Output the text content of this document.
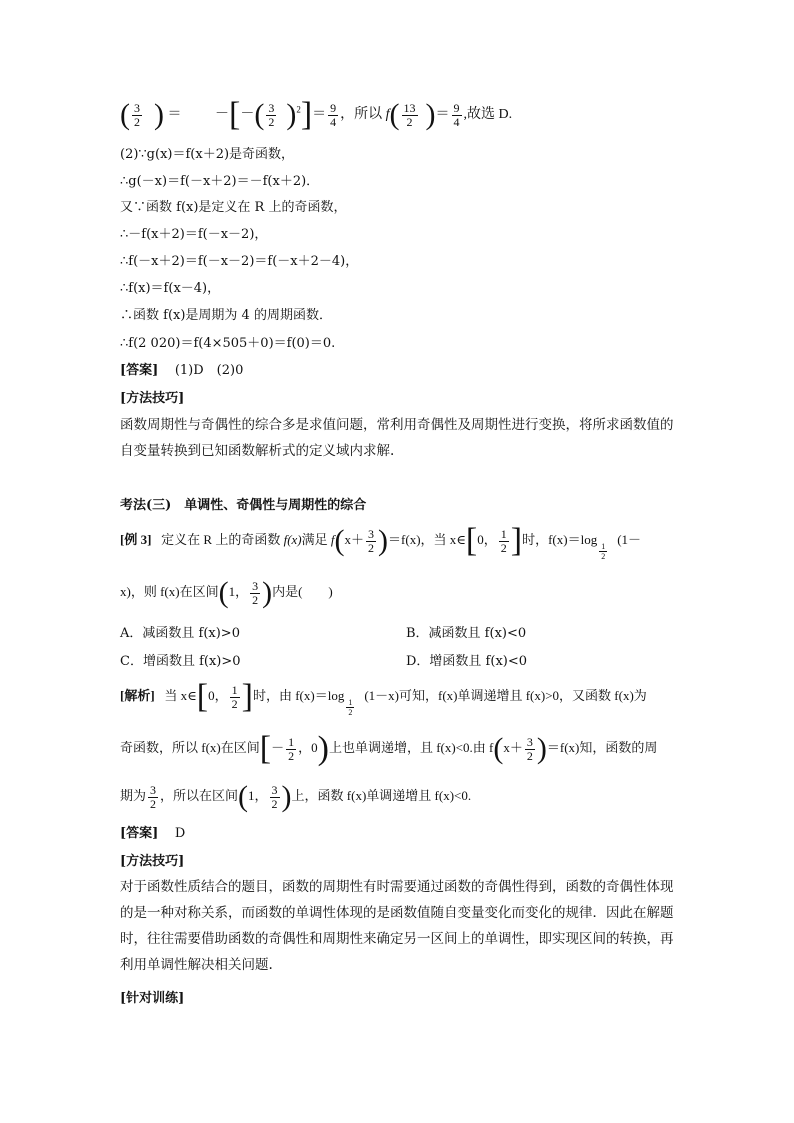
( $\frac{3}{2}$ ) ＝ －[－( $\frac{3}{2} )^2]= \frac{9}{4}$ ，所以 $f( \frac{13}{2}$ )＝ $\frac{9}{4}$ ,故选 D.
(2)∵g(x)＝f(x＋2)是奇函数，
∴g(－x)＝f(－x＋2)＝－f(x＋2)．
又∵函数 f(x)是定义在 R 上的奇函数，
∴－f(x＋2)＝f(－x－2)，
∴f(－x＋2)＝f(－x－2)＝f(－x＋2－4)，
∴f(x)＝f(x－4)，
∴函数 f(x)是周期为 4 的周期函数．
∴f(2 020)＝f(4×505＋0)＝f(0)＝0.
[答案] (1)D　(2)0
[方法技巧]
函数周期性与奇偶性的综合多是求值问题，常利用奇偶性及周期性进行变换，将所求函数值的自变量转换到已知函数解析式的定义域内求解.
考法(三)　单调性、奇偶性与周期性的综合
[例 3] 定义在 R 上的奇函数 f(x)满足 $f(x+ \frac{3}{2} )=f(x)$，当 x∈[0， $\frac{1}{2}$ ]时，f(x)＝log
$\frac{1}{2}$
(1－
x)，则 f(x)在区间(1， $\frac{3}{2}$ )内是(　　)
A．减函数且 f(x)>0	B．减函数且 f(x)<0
C．增函数且 f(x)>0	D．增函数且 f(x)<0
[解析] 当 x∈[0， $\frac{1}{2}$ ]时，由 f(x)＝log
$\frac{1}{2}$
(1－x)可知，f(x)单调递增且 f(x)>0，又函数 f(x)为
奇函数，所以 f(x)在区间[－ $\frac{1}{2}$ ，0)上也单调递增，且 f(x)<0.由 $f(x+ \frac{3}{2} )=f(x)$知，函数的周
期为 $\frac{3}{2}$ ，所以在区间(1， $\frac{3}{2}$ )上，函数 f(x)单调递增且 f(x)<0.
[答案] D
[方法技巧]
对于函数性质结合的题目，函数的周期性有时需要通过函数的奇偶性得到，函数的奇偶性体现的是一种对称关系，而函数的单调性体现的是函数值随自变量变化而变化的规律．因此在解题时，往往需要借助函数的奇偶性和周期性来确定另一区间上的单调性，即实现区间的转换，再利用单调性解决相关问题.
[针对训练]
